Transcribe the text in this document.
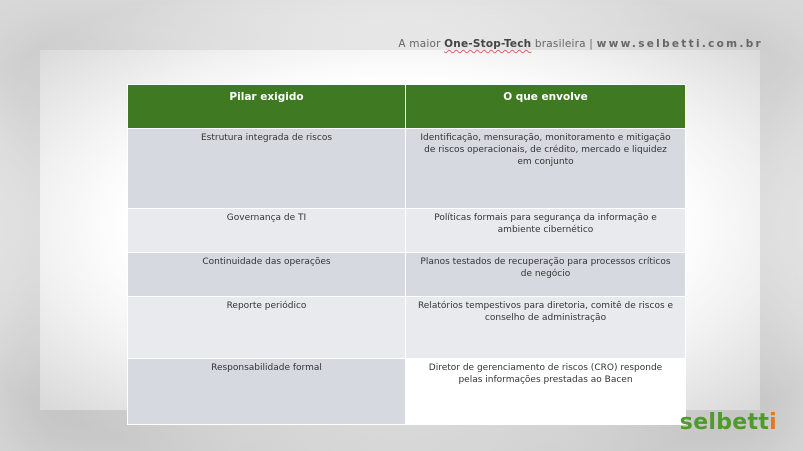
A maior One-Stop-Tech brasileira | www.selbetti.com.br
Pilar exigido	O que envolve
Estrutura integrada de riscos	Identificação, mensuração, monitoramento e mitigação de riscos operacionais, de crédito, mercado e liquidez em conjunto
Governança de TI	Políticas formais para segurança da informação e ambiente cibernético
Continuidade das operações	Planos testados de recuperação para processos críticos de negócio
Reporte periódico	Relatórios tempestivos para diretoria, comitê de riscos e conselho de administração
Responsabilidade formal	Diretor de gerenciamento de riscos (CRO) responde pelas informações prestadas ao Bacen
selbetti
